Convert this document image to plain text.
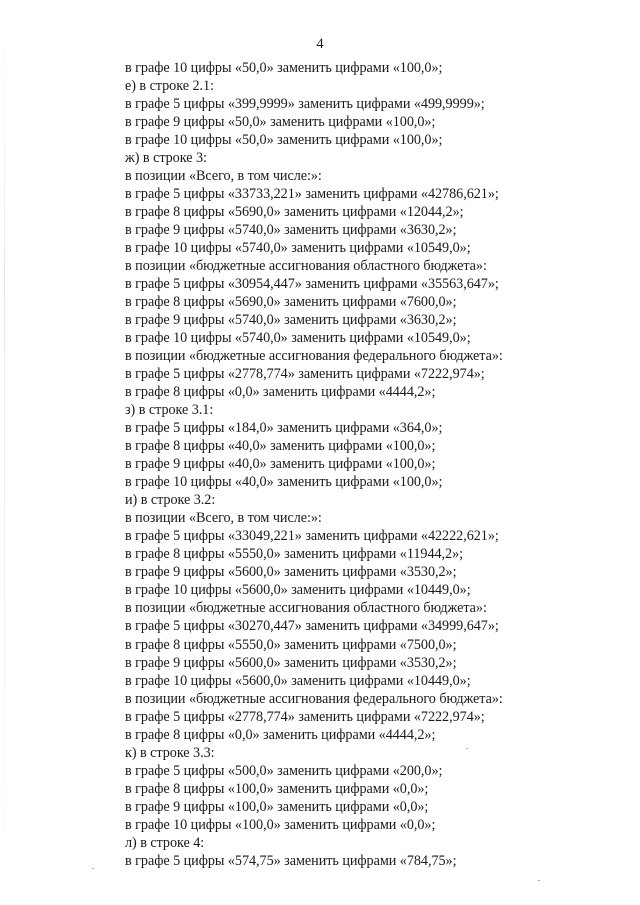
4
в графе 10 цифры «50,0» заменить цифрами «100,0»;
е) в строке 2.1:
в графе 5 цифры «399,9999» заменить цифрами «499,9999»;
в графе 9 цифры «50,0» заменить цифрами «100,0»;
в графе 10 цифры «50,0» заменить цифрами «100,0»;
ж) в строке 3:
в позиции «Всего, в том числе:»:
в графе 5 цифры «33733,221» заменить цифрами «42786,621»;
в графе 8 цифры «5690,0» заменить цифрами «12044,2»;
в графе 9 цифры «5740,0» заменить цифрами «3630,2»;
в графе 10 цифры «5740,0» заменить цифрами «10549,0»;
в позиции «бюджетные ассигнования областного бюджета»:
в графе 5 цифры «30954,447» заменить цифрами «35563,647»;
в графе 8 цифры «5690,0» заменить цифрами «7600,0»;
в графе 9 цифры «5740,0» заменить цифрами «3630,2»;
в графе 10 цифры «5740,0» заменить цифрами «10549,0»;
в позиции «бюджетные ассигнования федерального бюджета»:
в графе 5 цифры «2778,774» заменить цифрами «7222,974»;
в графе 8 цифры «0,0» заменить цифрами «4444,2»;
з) в строке 3.1:
в графе 5 цифры «184,0» заменить цифрами «364,0»;
в графе 8 цифры «40,0» заменить цифрами «100,0»;
в графе 9 цифры «40,0» заменить цифрами «100,0»;
в графе 10 цифры «40,0» заменить цифрами «100,0»;
и) в строке 3.2:
в позиции «Всего, в том числе:»:
в графе 5 цифры «33049,221» заменить цифрами «42222,621»;
в графе 8 цифры «5550,0» заменить цифрами «11944,2»;
в графе 9 цифры «5600,0» заменить цифрами «3530,2»;
в графе 10 цифры «5600,0» заменить цифрами «10449,0»;
в позиции «бюджетные ассигнования областного бюджета»:
в графе 5 цифры «30270,447» заменить цифрами «34999,647»;
в графе 8 цифры «5550,0» заменить цифрами «7500,0»;
в графе 9 цифры «5600,0» заменить цифрами «3530,2»;
в графе 10 цифры «5600,0» заменить цифрами «10449,0»;
в позиции «бюджетные ассигнования федерального бюджета»:
в графе 5 цифры «2778,774» заменить цифрами «7222,974»;
в графе 8 цифры «0,0» заменить цифрами «4444,2»;
к) в строке 3.3:
в графе 5 цифры «500,0» заменить цифрами «200,0»;
в графе 8 цифры «100,0» заменить цифрами «0,0»;
в графе 9 цифры «100,0» заменить цифрами «0,0»;
в графе 10 цифры «100,0» заменить цифрами «0,0»;
л) в строке 4:
в графе 5 цифры «574,75» заменить цифрами «784,75»;
